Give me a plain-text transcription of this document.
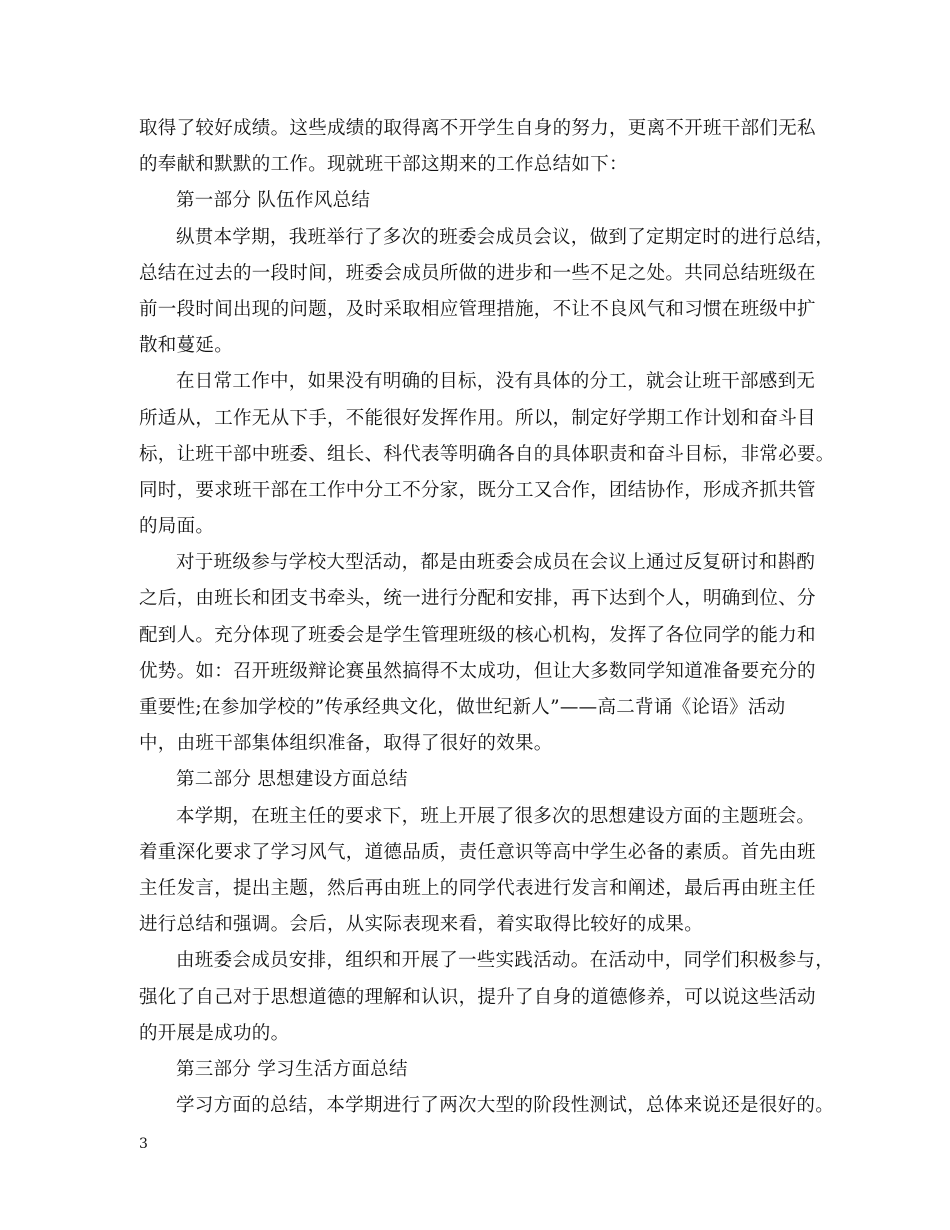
取得了较好成绩。这些成绩的取得离不开学生自身的努力，更离不开班干部们无私
的奉献和默默的工作。现就班干部这期来的工作总结如下：
第一部分 队伍作风总结
纵贯本学期，我班举行了多次的班委会成员会议，做到了定期定时的进行总结，
总结在过去的一段时间，班委会成员所做的进步和一些不足之处。共同总结班级在
前一段时间出现的问题，及时采取相应管理措施，不让不良风气和习惯在班级中扩
散和蔓延。
在日常工作中，如果没有明确的目标，没有具体的分工，就会让班干部感到无
所适从，工作无从下手，不能很好发挥作用。所以，制定好学期工作计划和奋斗目
标，让班干部中班委、组长、科代表等明确各自的具体职责和奋斗目标，非常必要。
同时，要求班干部在工作中分工不分家，既分工又合作，团结协作，形成齐抓共管
的局面。
对于班级参与学校大型活动，都是由班委会成员在会议上通过反复研讨和斟酌
之后，由班长和团支书牵头，统一进行分配和安排，再下达到个人，明确到位、分
配到人。充分体现了班委会是学生管理班级的核心机构，发挥了各位同学的能力和
优势。如：召开班级辩论赛虽然搞得不太成功，但让大多数同学知道准备要充分的
重要性;在参加学校的”传承经典文化，做世纪新人”——高二背诵《论语》活动
中，由班干部集体组织准备，取得了很好的效果。
第二部分 思想建设方面总结
本学期，在班主任的要求下，班上开展了很多次的思想建设方面的主题班会。
着重深化要求了学习风气，道德品质，责任意识等高中学生必备的素质。首先由班
主任发言，提出主题，然后再由班上的同学代表进行发言和阐述，最后再由班主任
进行总结和强调。会后，从实际表现来看，着实取得比较好的成果。
由班委会成员安排，组织和开展了一些实践活动。在活动中，同学们积极参与，
强化了自己对于思想道德的理解和认识，提升了自身的道德修养，可以说这些活动
的开展是成功的。
第三部分 学习生活方面总结
学习方面的总结，本学期进行了两次大型的阶段性测试，总体来说还是很好的。
3
